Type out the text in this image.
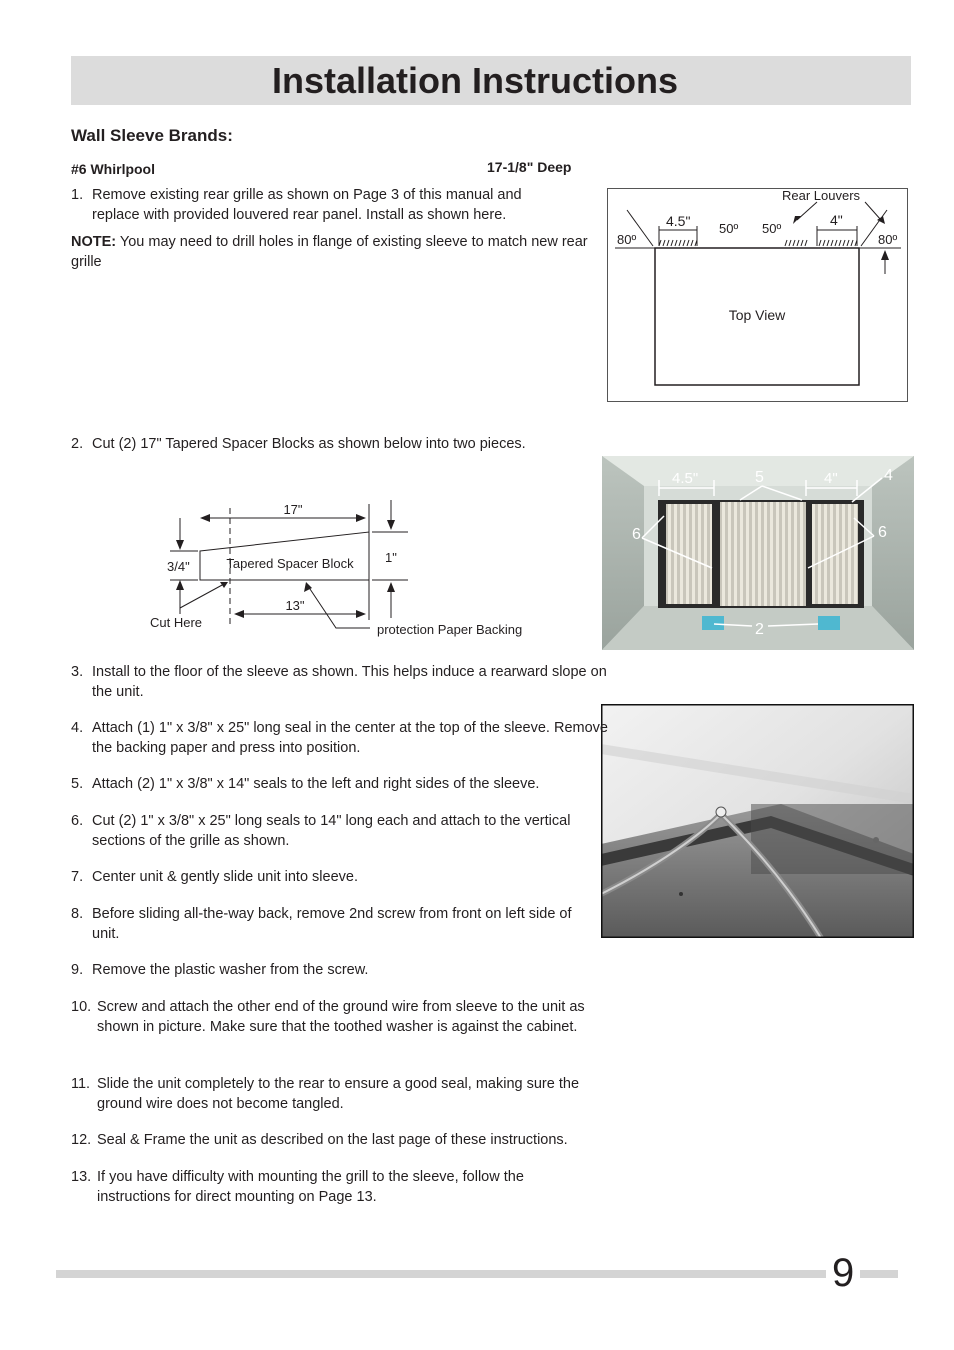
Installation Instructions
Wall Sleeve Brands:
#6 Whirlpool	17-1/8" Deep
1. Remove existing rear grille as shown on Page 3 of this manual and replace with provided louvered rear panel. Install as shown here.
NOTE: You may need to drill holes in flange of existing sleeve to match new rear grille
4.5"	4"
Rear Louvers
80º
50º 50º
80º
Top View
2. Cut (2) 17" Tapered Spacer Blocks as shown below into two pieces.
17"
13"
3/4"
1"
Tapered Spacer Block
Cut Here	protection Paper Backing
4.5"	4"
5	4
6	6
2
3. Install to the floor of the sleeve as shown. This helps induce a rearward slope on the unit.
4. Attach (1) 1" x 3/8" x 25" long seal in the center at the top of the sleeve. Remove the backing paper and press into position.
5. Attach (2) 1" x 3/8" x 14" seals to the left and right sides of the sleeve.
6. Cut (2) 1" x 3/8" x 25" long seals to 14" long each and attach to the vertical sections of the grille as shown.
7. Center unit & gently slide unit into sleeve.
8. Before sliding all-the-way back, remove 2nd screw from front on left side of unit.
9. Remove the plastic washer from the screw.
10. Screw and attach the other end of the ground wire from sleeve to the unit as shown in picture. Make sure that the toothed washer is against the cabinet.
11. Slide the unit completely to the rear to ensure a good seal, making sure the ground wire does not become tangled.
12. Seal & Frame the unit as described on the last page of these instructions.
13. If you have difficulty with mounting the grill to the sleeve, follow the instructions for direct mounting on Page 13.
9
